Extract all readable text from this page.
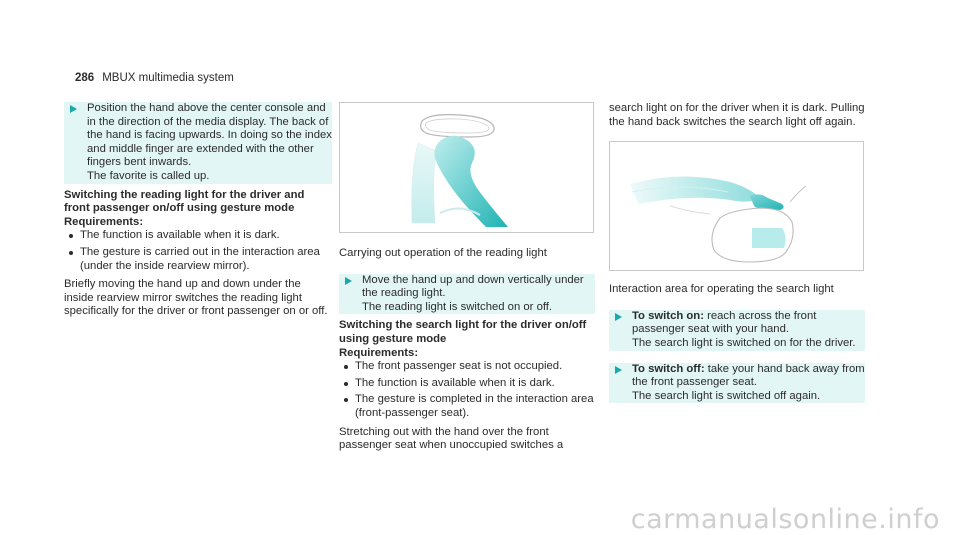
286 MBUX multimedia system

Position the hand above the center console and in the direction of the media display. The back of the hand is facing upwards. In doing so the index and middle finger are extended with the other fingers bent inwards.

The favorite is called up.

Switching the reading light for the driver and front passenger on/off using gesture mode

Requirements:

The function is available when it is dark.
The gesture is carried out in the interaction area (under the inside rearview mirror).

Briefly moving the hand up and down under the inside rearview mirror switches the reading light specifically for the driver or front passenger on or off.

Carrying out operation of the reading light

Move the hand up and down vertically under the reading light.

The reading light is switched on or off.

Switching the search light for the driver on/off using gesture mode

Requirements:

The front passenger seat is not occupied.
The function is available when it is dark.
The gesture is completed in the interaction area (front-passenger seat).

Stretching out with the hand over the front passenger seat when unoccupied switches a

search light on for the driver when it is dark. Pulling the hand back switches the search light off again.

Interaction area for operating the search light

To switch on: reach across the front passenger seat with your hand.

The search light is switched on for the driver.

To switch off: take your hand back away from the front passenger seat.

The search light is switched off again.

carmanualsonline.info
